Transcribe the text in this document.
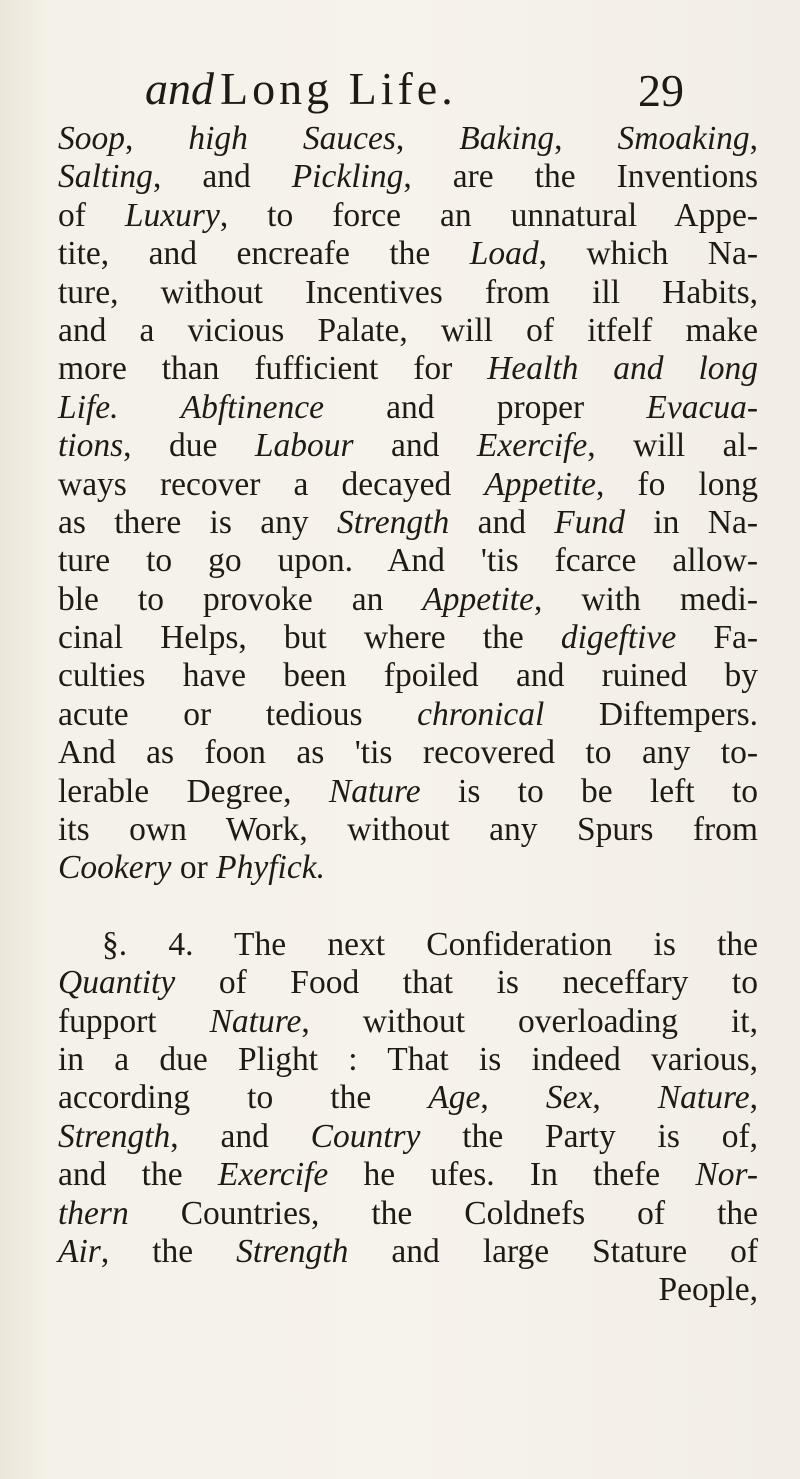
and Long Life.	29
Soop, high Sauces, Baking, Smoaking,
Salting, and Pickling, are the Inventions
of Luxury, to force an unnatural Appe-
tite, and encreafe the Load, which Na-
ture, without Incentives from ill Habits,
and a vicious Palate, will of itfelf make
more than fufficient for Health and long
Life. Abftinence and proper Evacua-
tions, due Labour and Exercife, will al-
ways recover a decayed Appetite, fo long
as there is any Strength and Fund in Na-
ture to go upon. And 'tis fcarce allow-
ble to provoke an Appetite, with medi-
cinal Helps, but where the digeftive Fa-
culties have been fpoiled and ruined by
acute or tedious chronical Diftempers.
And as foon as 'tis recovered to any to-
lerable Degree, Nature is to be left to
its own Work, without any Spurs from
Cookery or Phyfick.
§. 4. The next Confideration is the
Quantity of Food that is neceffary to
fupport Nature, without overloading it,
in a due Plight : That is indeed various,
according to the Age, Sex, Nature,
Strength, and Country the Party is of,
and the Exercife he ufes. In thefe Nor-
thern Countries, the Coldnefs of the
Air, the Strength and large Stature of
People,
